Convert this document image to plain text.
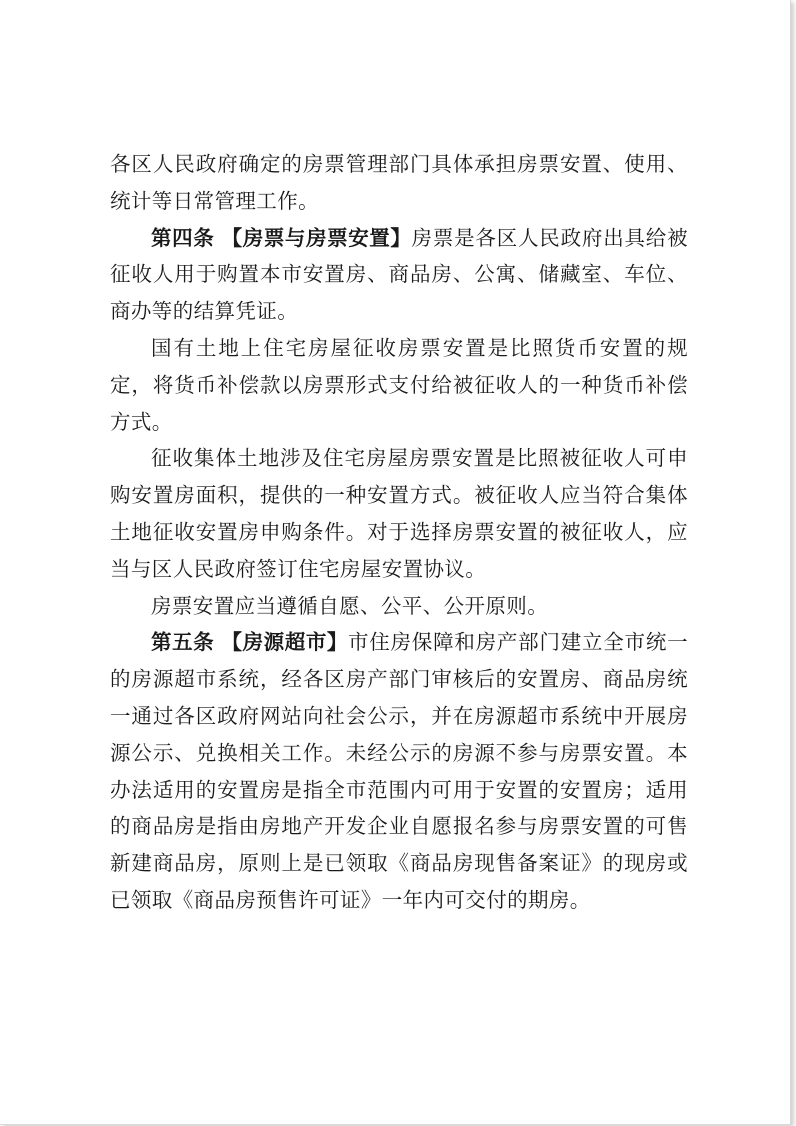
各区人民政府确定的房票管理部门具体承担房票安置、使用、统计等日常管理工作。

第四条 【房票与房票安置】房票是各区人民政府出具给被征收人用于购置本市安置房、商品房、公寓、储藏室、车位、商办等的结算凭证。

国有土地上住宅房屋征收房票安置是比照货币安置的规定，将货币补偿款以房票形式支付给被征收人的一种货币补偿方式。

征收集体土地涉及住宅房屋房票安置是比照被征收人可申购安置房面积，提供的一种安置方式。被征收人应当符合集体土地征收安置房申购条件。对于选择房票安置的被征收人，应当与区人民政府签订住宅房屋安置协议。

房票安置应当遵循自愿、公平、公开原则。

第五条 【房源超市】市住房保障和房产部门建立全市统一的房源超市系统，经各区房产部门审核后的安置房、商品房统一通过各区政府网站向社会公示，并在房源超市系统中开展房源公示、兑换相关工作。未经公示的房源不参与房票安置。本办法适用的安置房是指全市范围内可用于安置的安置房；适用的商品房是指由房地产开发企业自愿报名参与房票安置的可售新建商品房，原则上是已领取《商品房现售备案证》的现房或已领取《商品房预售许可证》一年内可交付的期房。
